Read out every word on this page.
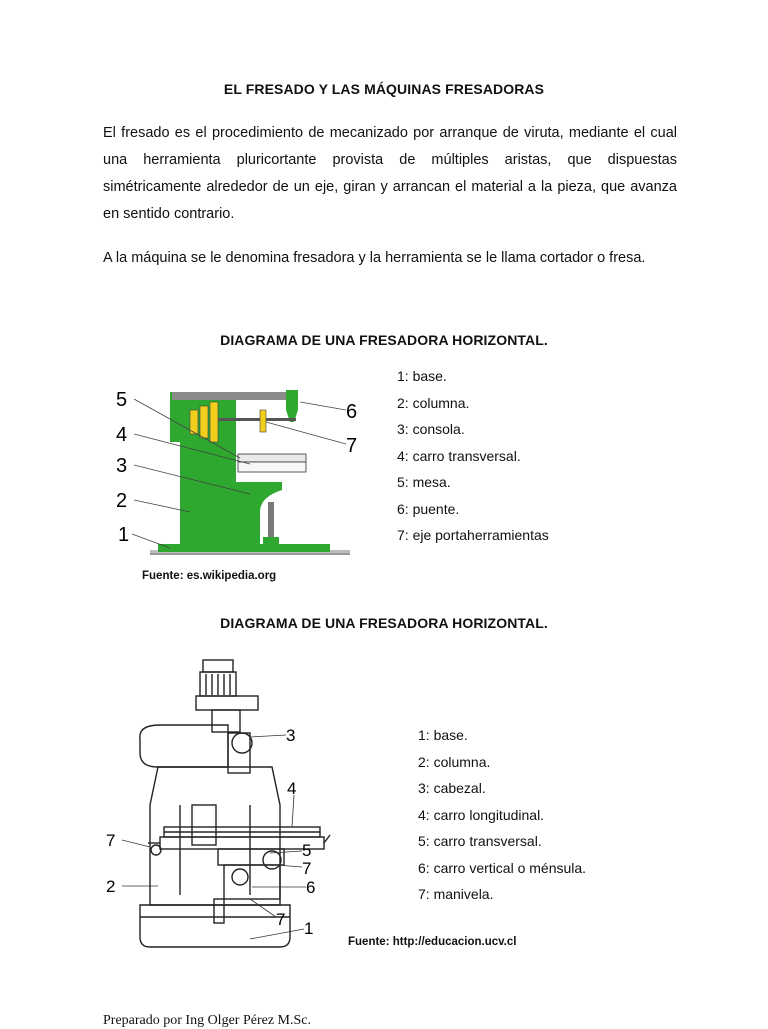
EL FRESADO Y LAS MÁQUINAS FRESADORAS
El fresado es el procedimiento de mecanizado por arranque de viruta, mediante el cual una herramienta pluricortante provista de múltiples aristas, que dispuestas simétricamente alrededor de un eje, giran y arrancan el material a la pieza, que avanza en sentido contrario.
A la máquina se le denomina fresadora y la herramienta se le llama cortador o fresa.
DIAGRAMA DE UNA FRESADORA HORIZONTAL.
5
4
3
2
1
6
7
1: base.
2: columna.
3: consola.
4: carro transversal.
5: mesa.
6: puente.
7: eje portaherramientas
Fuente: es.wikipedia.org
DIAGRAMA DE UNA FRESADORA HORIZONTAL.
3
4
7
5
7
2	6
7 1
1: base.
2: columna.
3: cabezal.
4: carro longitudinal.
5: carro transversal.
6: carro vertical o ménsula.
7: manivela.
Fuente: http://educacion.ucv.cl
Preparado por Ing Olger Pérez M.Sc.
